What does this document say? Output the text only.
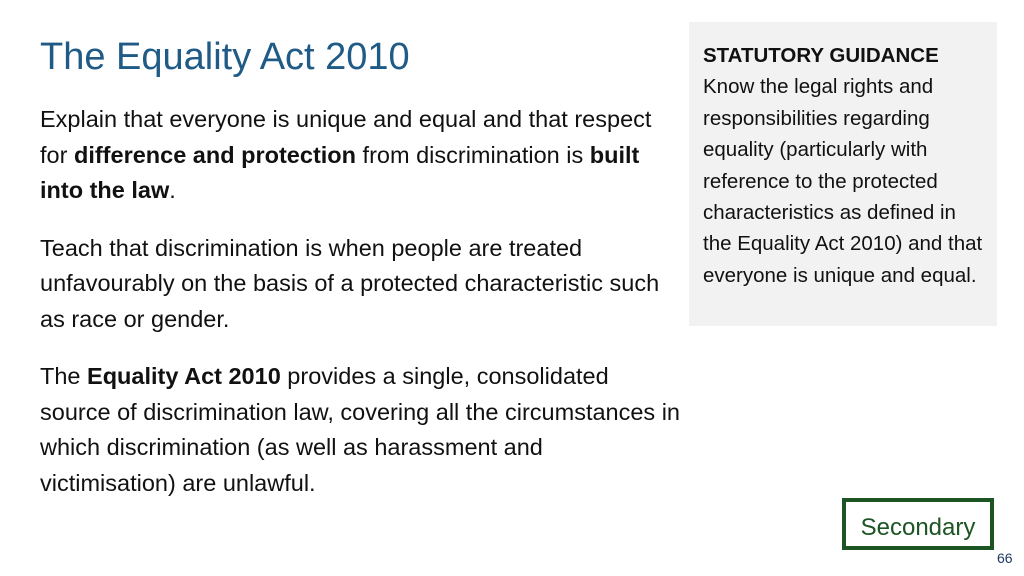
The Equality Act 2010

Explain that everyone is unique and equal and that respect for difference and protection from discrimination is built into the law.

Teach that discrimination is when people are treated unfavourably on the basis of a protected characteristic such as race or gender.

The Equality Act 2010 provides a single, consolidated source of discrimination law, covering all the circumstances in which discrimination (as well as harassment and victimisation) are unlawful.

STATUTORY GUIDANCE
Know the legal rights and responsibilities regarding equality (particularly with reference to the protected characteristics as defined in the Equality Act 2010) and that everyone is unique and equal.
Secondary
66
